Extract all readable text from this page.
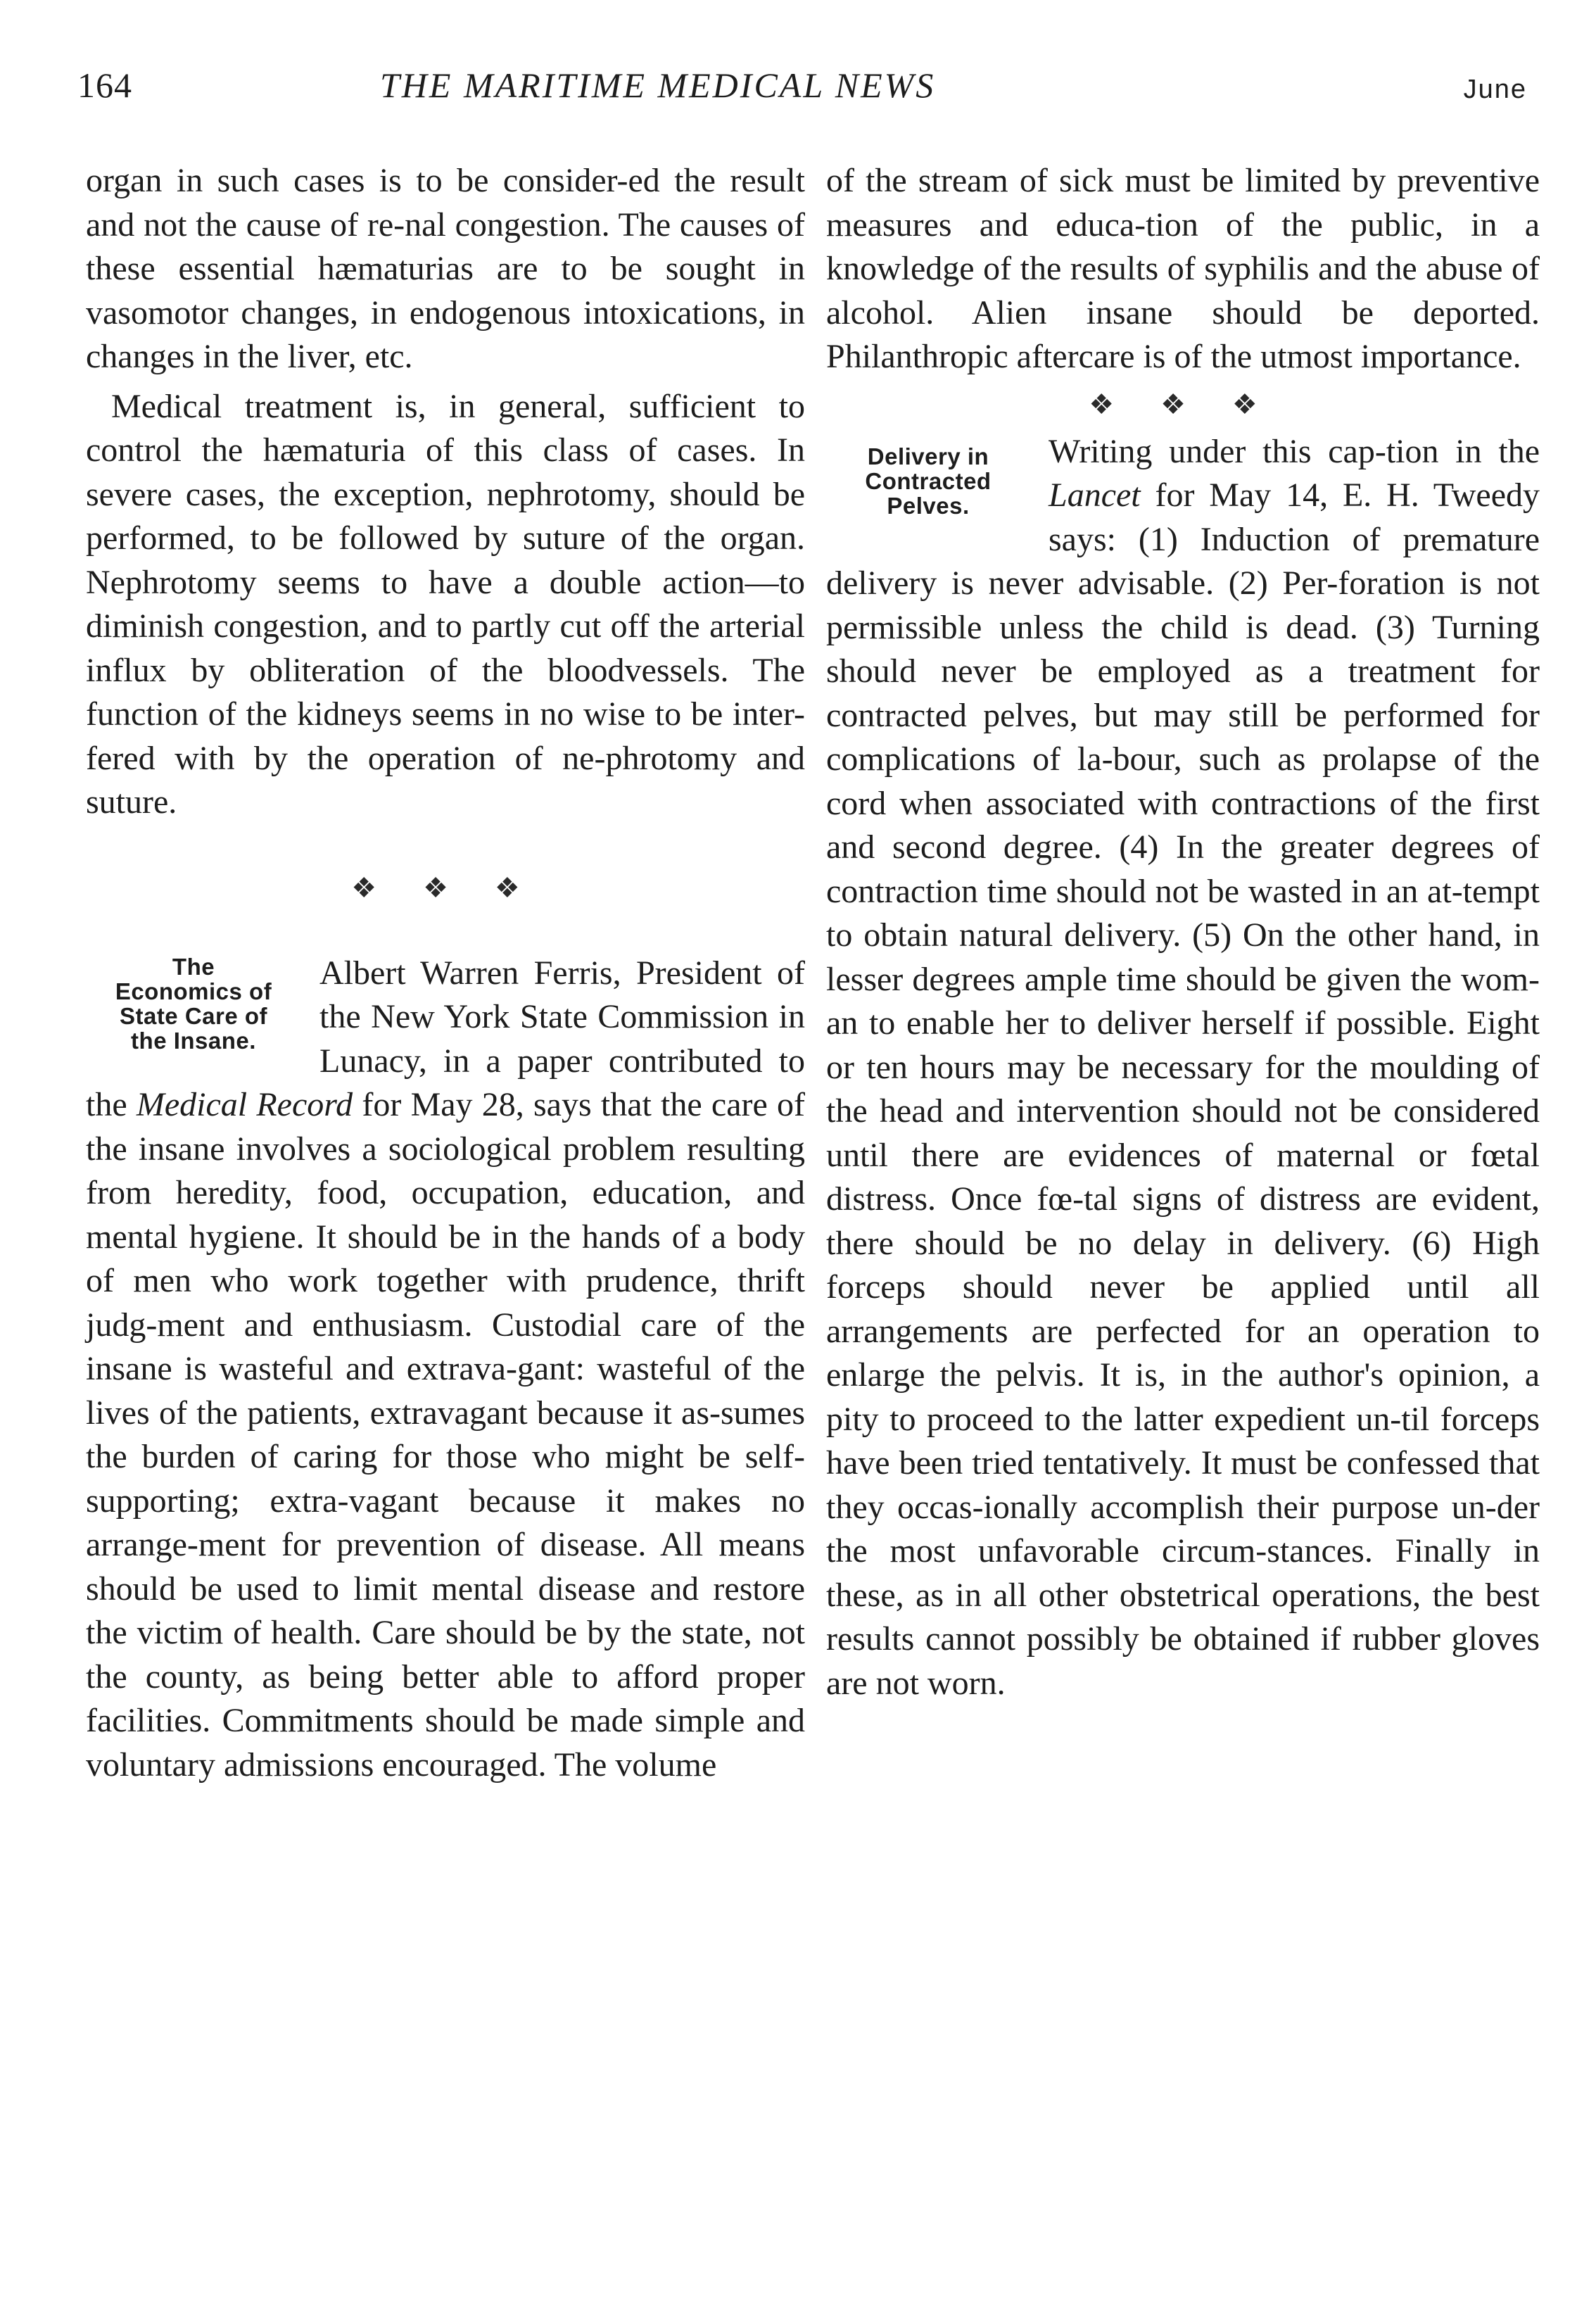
164	THE MARITIME MEDICAL NEWS	June

organ in such cases is to be consider-ed the result and not the cause of re-nal congestion. The causes of these essential hæmaturias are to be sought in vasomotor changes, in endogenous intoxications, in changes in the liver, etc.

Medical treatment is, in general, sufficient to control the hæmaturia of this class of cases. In severe cases, the exception, nephrotomy, should be performed, to be followed by suture of the organ. Nephrotomy seems to have a double action—to diminish congestion, and to partly cut off the arterial influx by obliteration of the bloodvessels. The function of the kidneys seems in no wise to be inter-fered with by the operation of ne-phrotomy and suture.

❖ ❖ ❖
The
Economics of
State Care of
the Insane.

Albert Warren Ferris, President of the New York State Commission in Lunacy, in a paper contributed to the Medical Record for May 28, says that the care of the insane involves a sociological problem resulting from heredity, food, occupation, education, and mental hygiene. It should be in the hands of a body of men who work together with prudence, thrift judg-ment and enthusiasm. Custodial care of the insane is wasteful and extrava-gant: wasteful of the lives of the patients, extravagant because it as-sumes the burden of caring for those who might be self-supporting; extra-vagant because it makes no arrange-ment for prevention of disease. All means should be used to limit mental disease and restore the victim of health. Care should be by the state, not the county, as being better able to afford proper facilities. Commitments should be made simple and voluntary admissions encouraged. The volume

of the stream of sick must be limited by preventive measures and educa-tion of the public, in a knowledge of the results of syphilis and the abuse of alcohol. Alien insane should be deported. Philanthropic aftercare is of the utmost importance.

❖ ❖ ❖
Delivery in
Contracted
Pelves.

Writing under this cap-tion in the Lancet for May 14, E. H. Tweedy says: (1) Induction of premature delivery is never advisable. (2) Per-foration is not permissible unless the child is dead. (3) Turning should never be employed as a treatment for contracted pelves, but may still be performed for complications of la-bour, such as prolapse of the cord when associated with contractions of the first and second degree. (4) In the greater degrees of contraction time should not be wasted in an at-tempt to obtain natural delivery. (5) On the other hand, in lesser degrees ample time should be given the wom-an to enable her to deliver herself if possible. Eight or ten hours may be necessary for the moulding of the head and intervention should not be considered until there are evidences of maternal or fœtal distress. Once fœ-tal signs of distress are evident, there should be no delay in delivery. (6) High forceps should never be applied until all arrangements are perfected for an operation to enlarge the pelvis. It is, in the author's opinion, a pity to proceed to the latter expedient un-til forceps have been tried tentatively. It must be confessed that they occas-ionally accomplish their purpose un-der the most unfavorable circum-stances. Finally in these, as in all other obstetrical operations, the best results cannot possibly be obtained if rubber gloves are not worn.
